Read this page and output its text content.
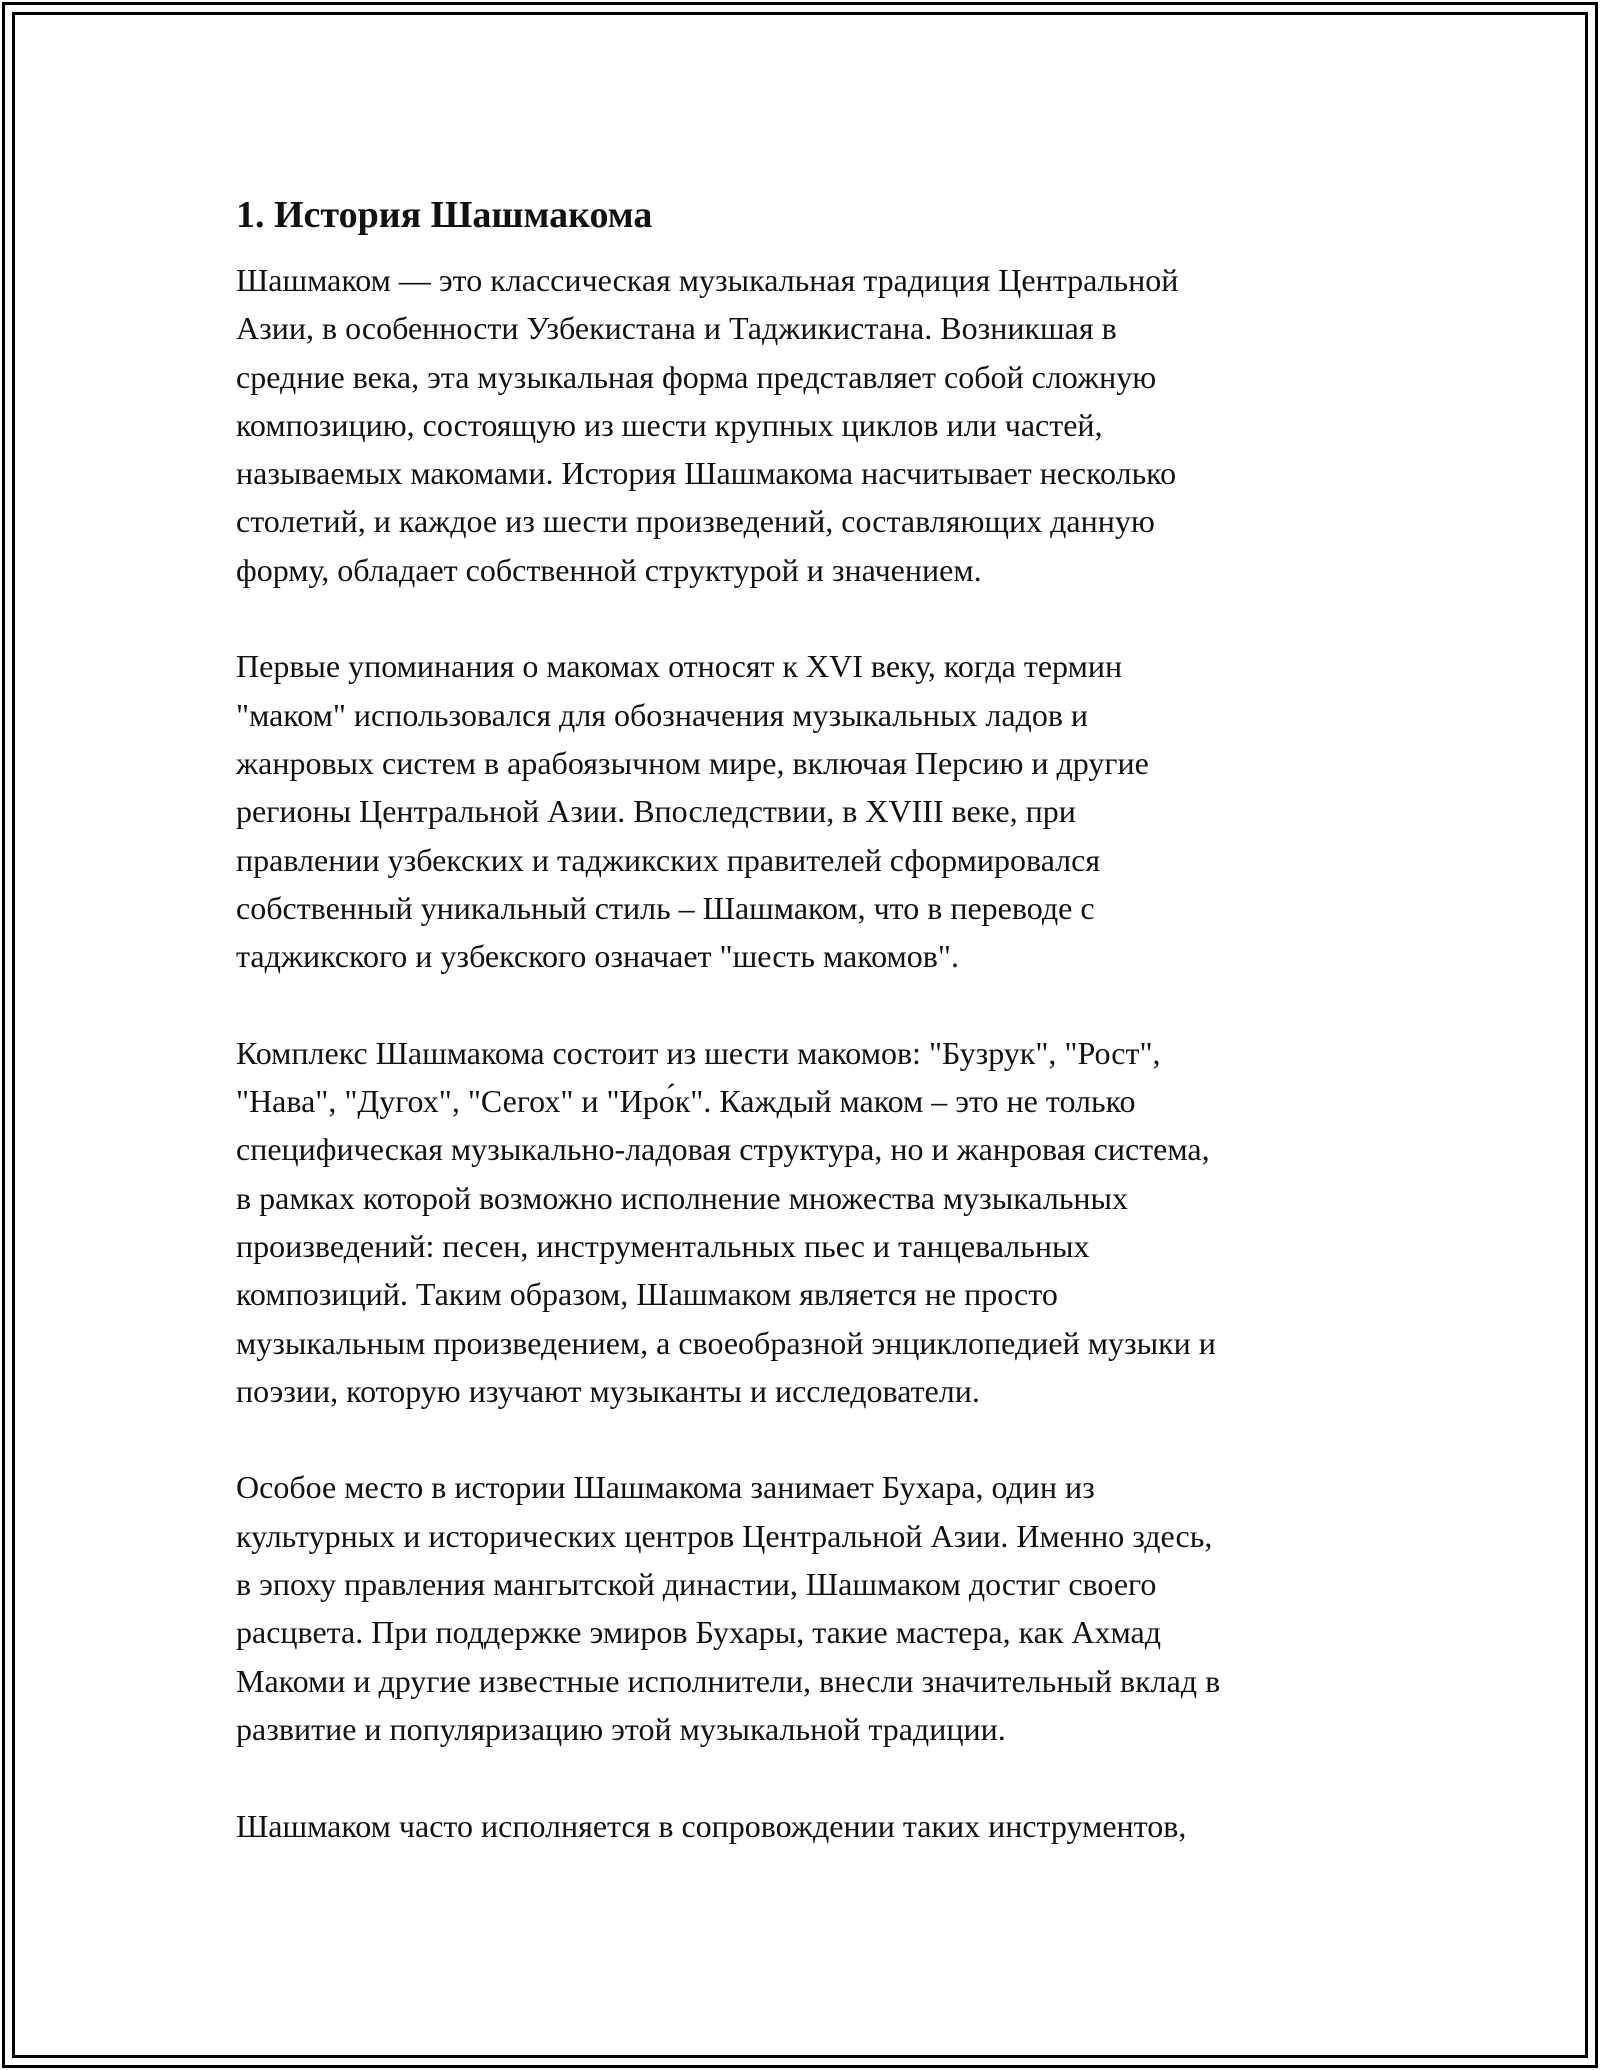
1. История Шашмакома
Шашмаком — это классическая музыкальная традиция Центральной
Азии, в особенности Узбекистана и Таджикистана. Возникшая в
средние века, эта музыкальная форма представляет собой сложную
композицию, состоящую из шести крупных циклов или частей,
называемых макомами. История Шашмакома насчитывает несколько
столетий, и каждое из шести произведений, составляющих данную
форму, обладает собственной структурой и значением.
Первые упоминания о макомах относят к XVI веку, когда термин
"маком" использовался для обозначения музыкальных ладов и
жанровых систем в арабоязычном мире, включая Персию и другие
регионы Центральной Азии. Впоследствии, в XVIII веке, при
правлении узбекских и таджикских правителей сформировался
собственный уникальный стиль – Шашмаком, что в переводе с
таджикского и узбекского означает "шесть макомов".
Комплекс Шашмакома состоит из шести макомов: "Бузрук", "Рост",
"Нава", "Дугох", "Сегох" и "Иро́к". Каждый маком – это не только
специфическая музыкально-ладовая структура, но и жанровая система,
в рамках которой возможно исполнение множества музыкальных
произведений: песен, инструментальных пьес и танцевальных
композиций. Таким образом, Шашмаком является не просто
музыкальным произведением, а своеобразной энциклопедией музыки и
поэзии, которую изучают музыканты и исследователи.
Особое место в истории Шашмакома занимает Бухара, один из
культурных и исторических центров Центральной Азии. Именно здесь,
в эпоху правления мангытской династии, Шашмаком достиг своего
расцвета. При поддержке эмиров Бухары, такие мастера, как Ахмад
Макоми и другие известные исполнители, внесли значительный вклад в
развитие и популяризацию этой музыкальной традиции.
Шашмаком часто исполняется в сопровождении таких инструментов,
